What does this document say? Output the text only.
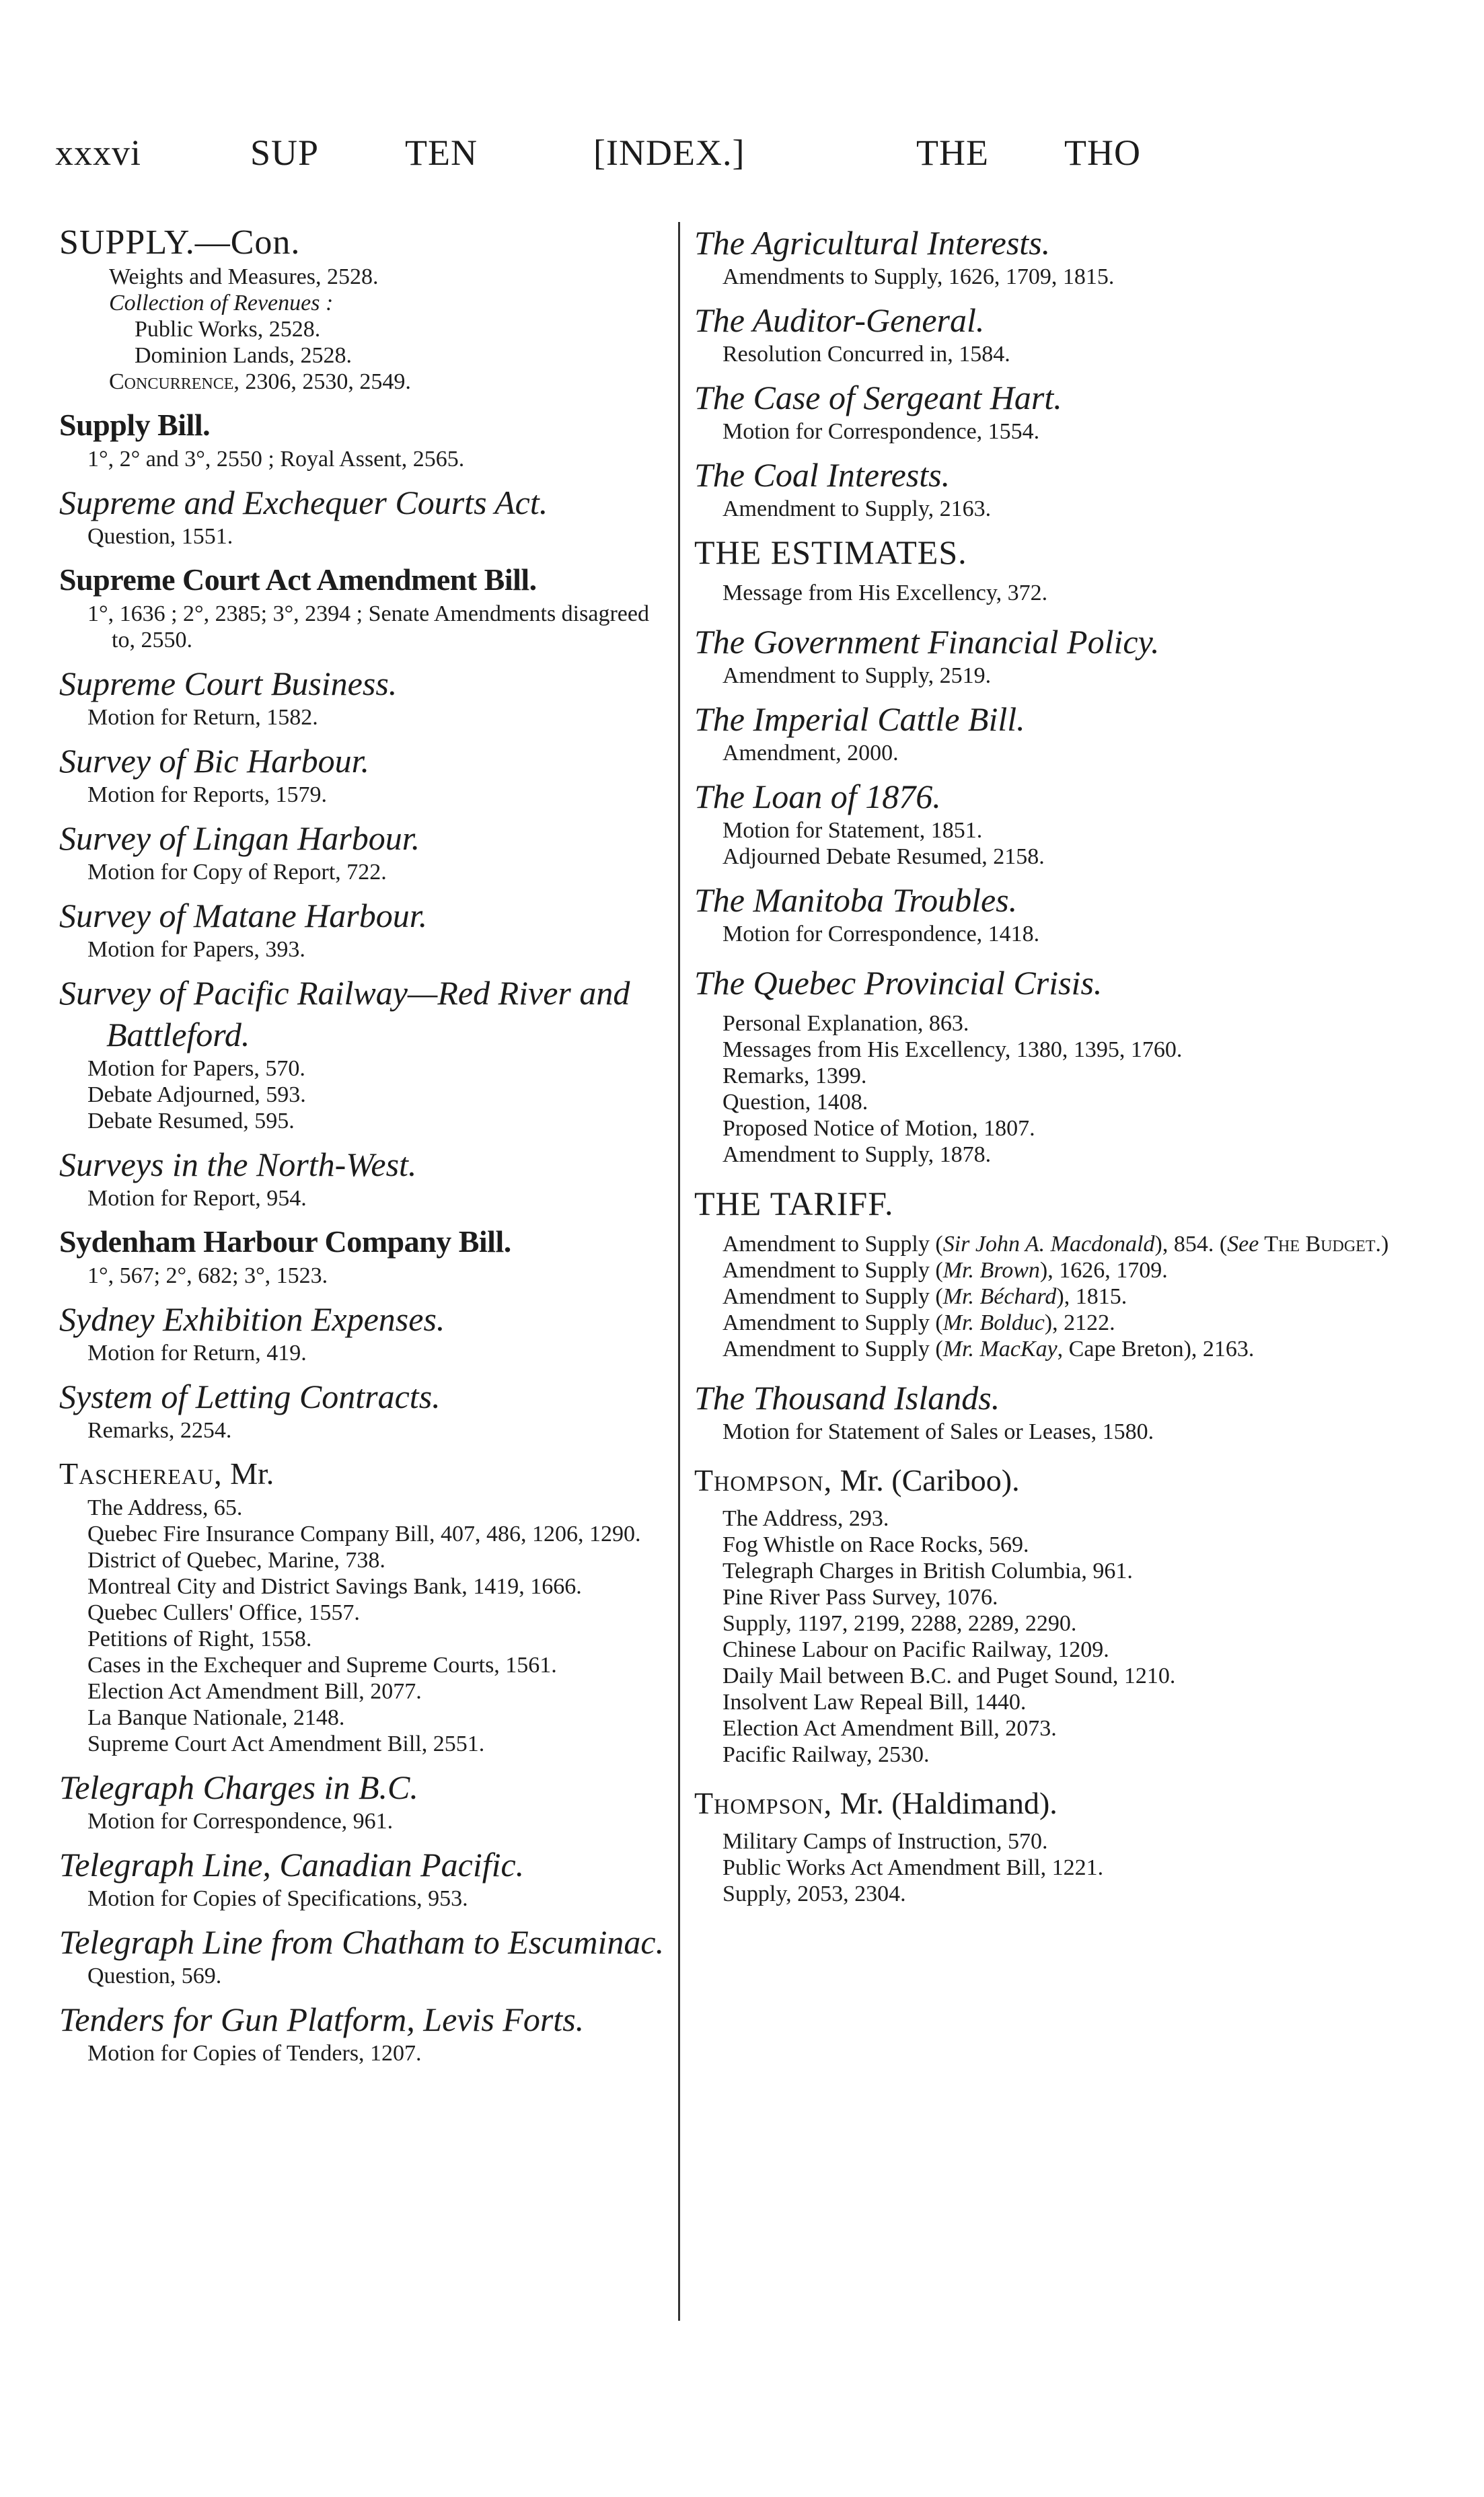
xxxvi	SUP TEN	[INDEX.]	THE THO
SUPPLY.—Con.
Weights and Measures, 2528.
Collection of Revenues :
Public Works, 2528.
Dominion Lands, 2528.
Concurrence, 2306, 2530, 2549.
Supply Bill.
1°, 2° and 3°, 2550 ; Royal Assent, 2565.
Supreme and Exchequer Courts Act.
Question, 1551.
Supreme Court Act Amendment Bill.
1°, 1636 ; 2°, 2385; 3°, 2394 ; Senate Amendments disagreed to, 2550.
Supreme Court Business.
Motion for Return, 1582.
Survey of Bic Harbour.
Motion for Reports, 1579.
Survey of Lingan Harbour.
Motion for Copy of Report, 722.
Survey of Matane Harbour.
Motion for Papers, 393.
Survey of Pacific Railway—Red River and Battleford.
Motion for Papers, 570.
Debate Adjourned, 593.
Debate Resumed, 595.
Surveys in the North-West.
Motion for Report, 954.
Sydenham Harbour Company Bill.
1°, 567; 2°, 682; 3°, 1523.
Sydney Exhibition Expenses.
Motion for Return, 419.
System of Letting Contracts.
Remarks, 2254.
Taschereau, Mr.
The Address, 65.
Quebec Fire Insurance Company Bill, 407, 486, 1206, 1290.
District of Quebec, Marine, 738.
Montreal City and District Savings Bank, 1419, 1666.
Quebec Cullers' Office, 1557.
Petitions of Right, 1558.
Cases in the Exchequer and Supreme Courts, 1561.
Election Act Amendment Bill, 2077.
La Banque Nationale, 2148.
Supreme Court Act Amendment Bill, 2551.
Telegraph Charges in B.C.
Motion for Correspondence, 961.
Telegraph Line, Canadian Pacific.
Motion for Copies of Specifications, 953.
Telegraph Line from Chatham to Escuminac.
Question, 569.
Tenders for Gun Platform, Levis Forts.
Motion for Copies of Tenders, 1207.
The Agricultural Interests.
Amendments to Supply, 1626, 1709, 1815.
The Auditor-General.
Resolution Concurred in, 1584.
The Case of Sergeant Hart.
Motion for Correspondence, 1554.
The Coal Interests.
Amendment to Supply, 2163.
THE ESTIMATES.
Message from His Excellency, 372.
The Government Financial Policy.
Amendment to Supply, 2519.
The Imperial Cattle Bill.
Amendment, 2000.
The Loan of 1876.
Motion for Statement, 1851.
Adjourned Debate Resumed, 2158.
The Manitoba Troubles.
Motion for Correspondence, 1418.
The Quebec Provincial Crisis.
Personal Explanation, 863.
Messages from His Excellency, 1380, 1395, 1760.
Remarks, 1399.
Question, 1408.
Proposed Notice of Motion, 1807.
Amendment to Supply, 1878.
THE TARIFF.
Amendment to Supply (Sir John A. Macdonald), 854. (See The Budget.)
Amendment to Supply (Mr. Brown), 1626, 1709.
Amendment to Supply (Mr. Béchard), 1815.
Amendment to Supply (Mr. Bolduc), 2122.
Amendment to Supply (Mr. MacKay, Cape Breton), 2163.
The Thousand Islands.
Motion for Statement of Sales or Leases, 1580.
Thompson, Mr. (Cariboo).
The Address, 293.
Fog Whistle on Race Rocks, 569.
Telegraph Charges in British Columbia, 961.
Pine River Pass Survey, 1076.
Supply, 1197, 2199, 2288, 2289, 2290.
Chinese Labour on Pacific Railway, 1209.
Daily Mail between B.C. and Puget Sound, 1210.
Insolvent Law Repeal Bill, 1440.
Election Act Amendment Bill, 2073.
Pacific Railway, 2530.
Thompson, Mr. (Haldimand).
Military Camps of Instruction, 570.
Public Works Act Amendment Bill, 1221.
Supply, 2053, 2304.
